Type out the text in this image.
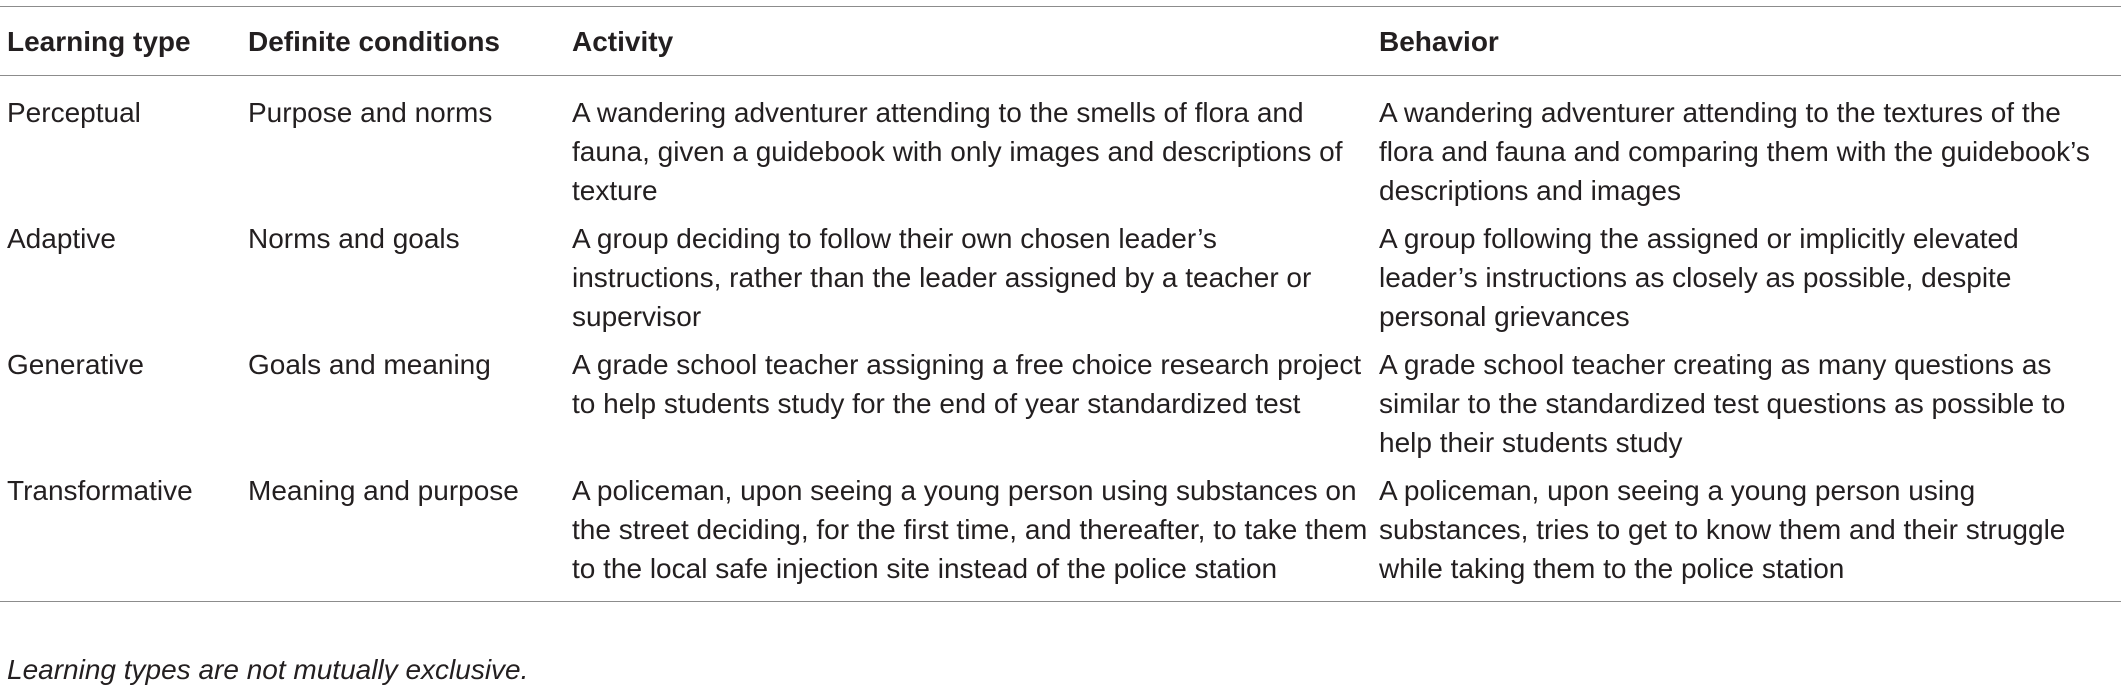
Learning type	Definite conditions	Activity	Behavior
Perceptual	Purpose and norms	A wandering adventurer attending to the smells of flora and fauna, given a guidebook with only images and descriptions of texture	A wandering adventurer attending to the textures of the flora and fauna and comparing them with the guidebook’s descriptions and images
Adaptive	Norms and goals	A group deciding to follow their own chosen leader’s instructions, rather than the leader assigned by a teacher or supervisor	A group following the assigned or implicitly elevated leader’s instructions as closely as possible, despite personal grievances
Generative	Goals and meaning	A grade school teacher assigning a free choice research project to help students study for the end of year standardized test	A grade school teacher creating as many questions as similar to the standardized test questions as possible to help their students study
Transformative	Meaning and purpose	A policeman, upon seeing a young person using substances on the street deciding, for the first time, and thereafter, to take them to the local safe injection site instead of the police station	A policeman, upon seeing a young person using substances, tries to get to know them and their struggle while taking them to the police station
Learning types are not mutually exclusive.
